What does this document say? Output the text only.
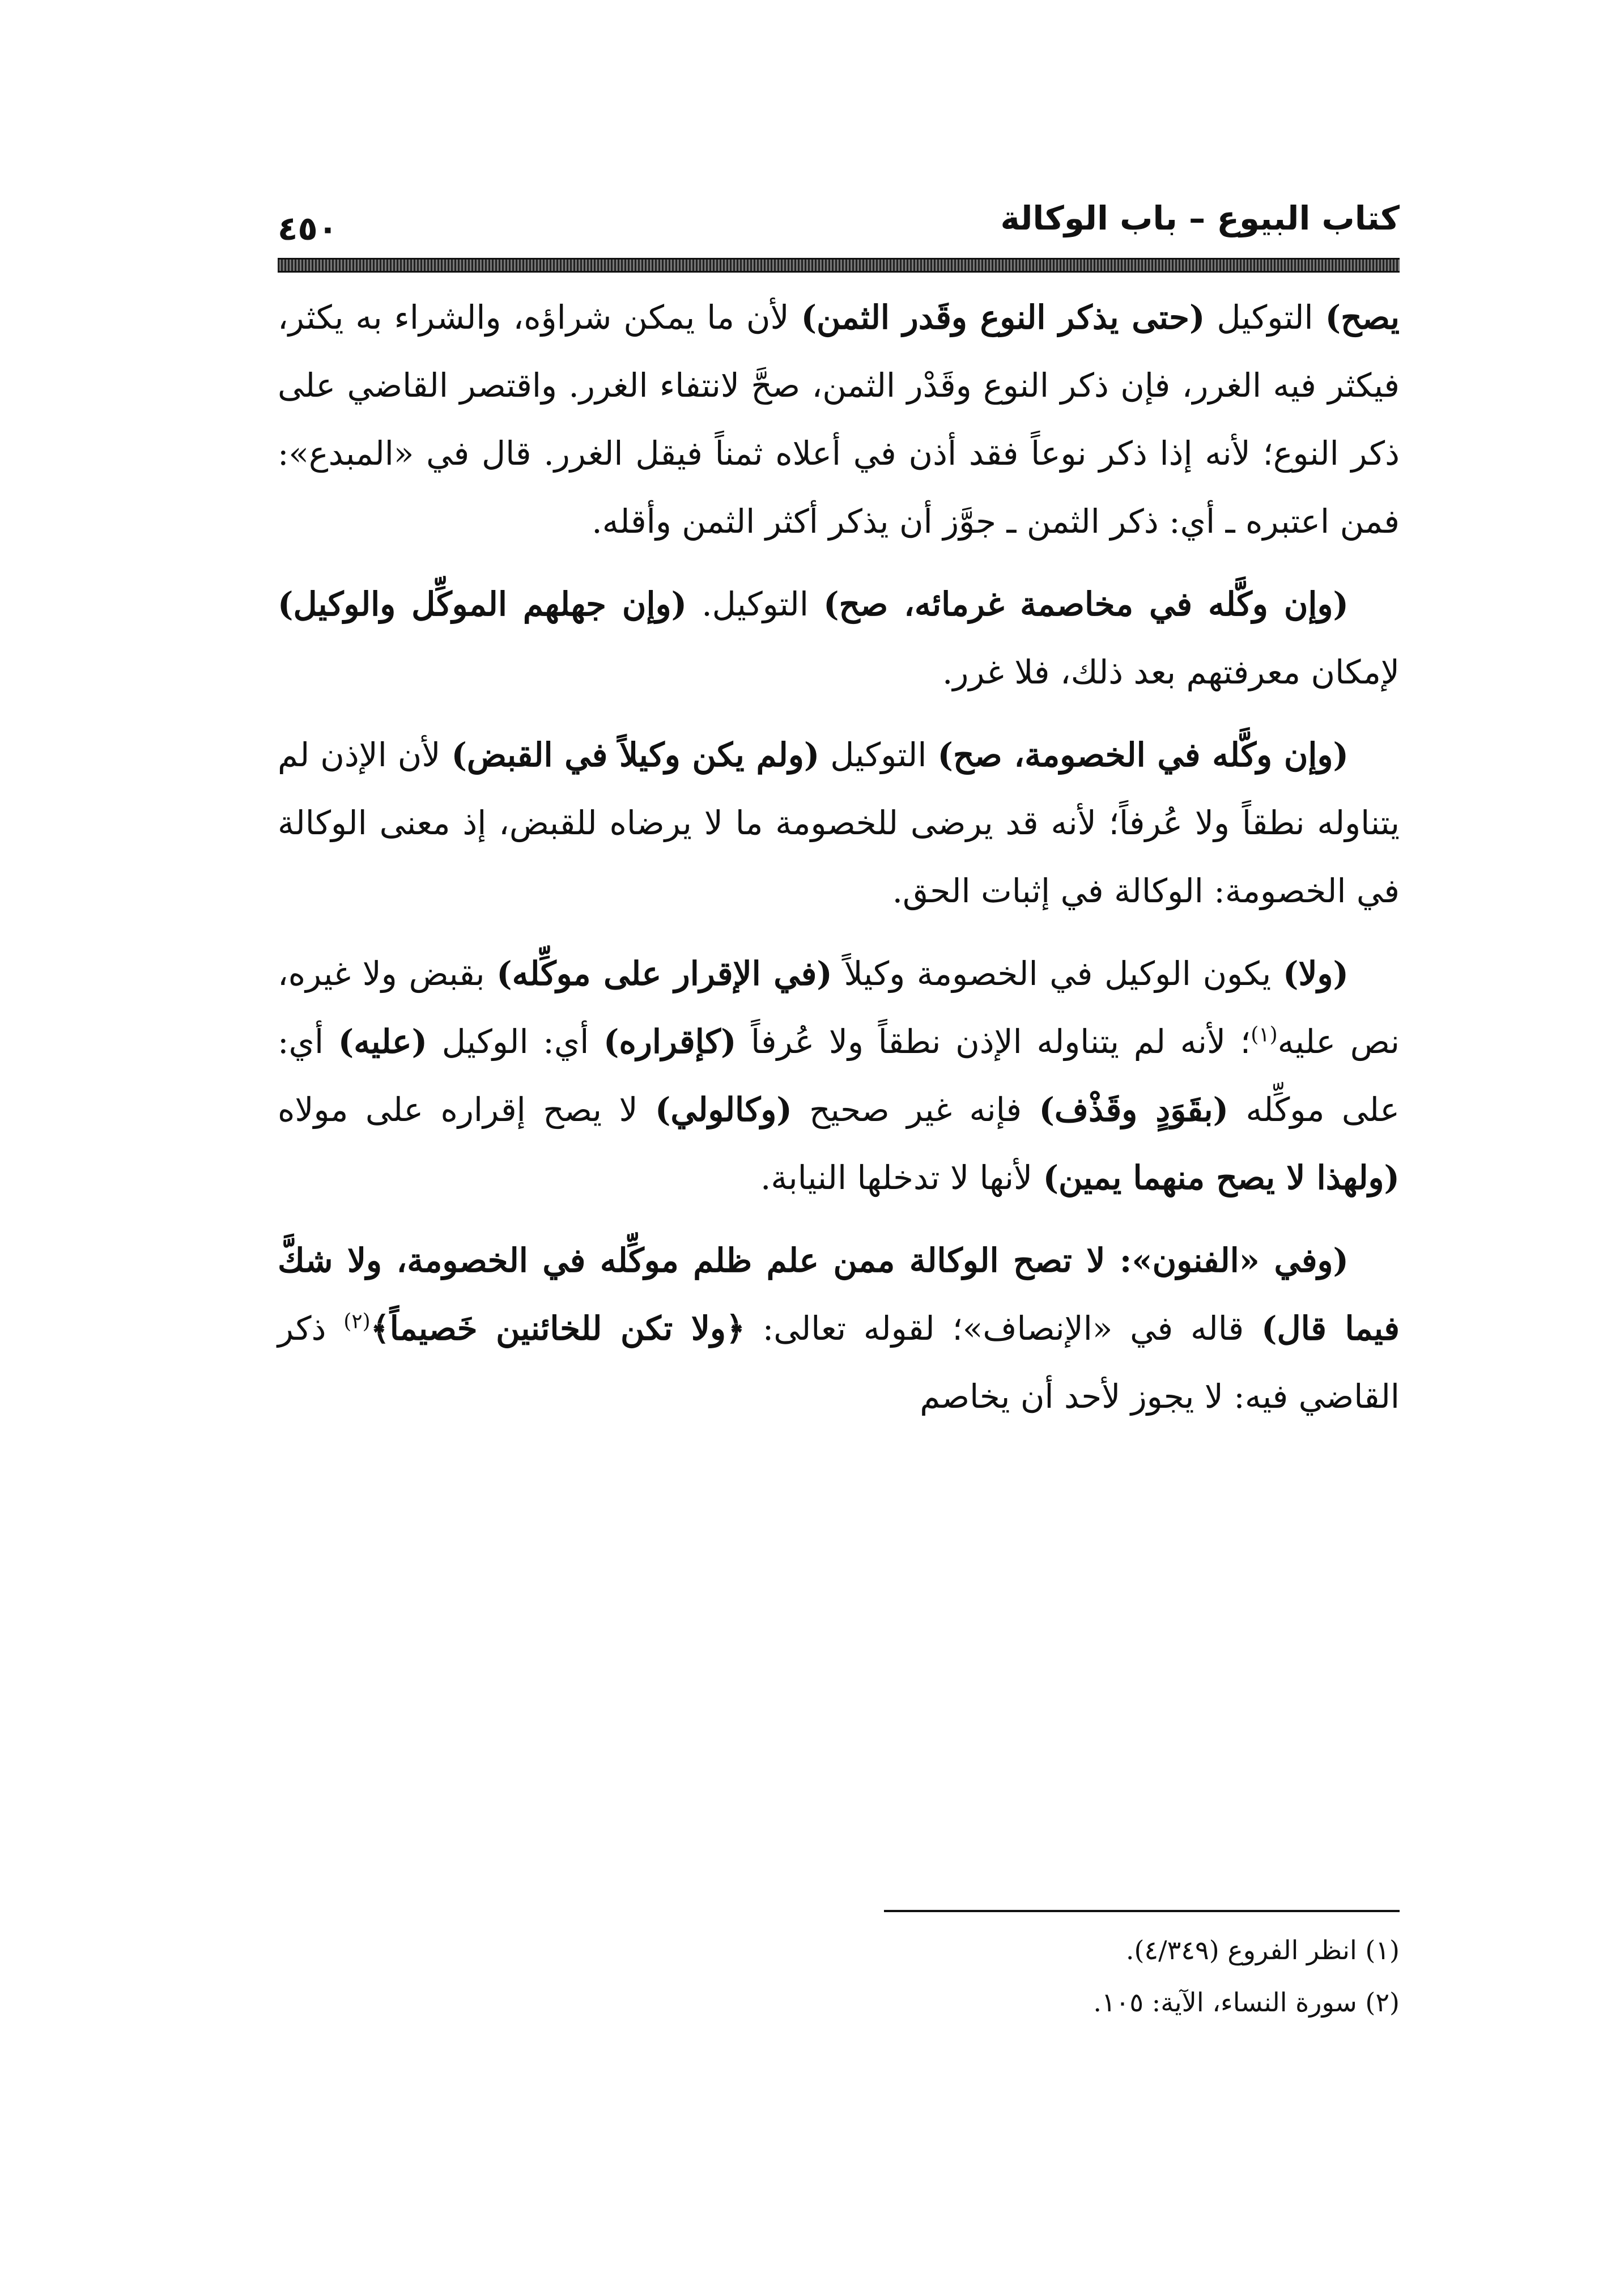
كتاب البيوع – باب الوكالة
٤٥٠

يصح) التوكيل (حتى يذكر النوع وقَدر الثمن) لأن ما يمكن شراؤه، والشراء به يكثر، فيكثر فيه الغرر، فإن ذكر النوع وقَدْر الثمن، صحَّ لانتفاء الغرر. واقتصر القاضي على ذكر النوع؛ لأنه إذا ذكر نوعاً فقد أذن في أعلاه ثمناً فيقل الغرر. قال في «المبدع»: فمن اعتبره ـ أي: ذكر الثمن ـ جوَّز أن يذكر أكثر الثمن وأقله.

(وإن وكَّله في مخاصمة غرمائه، صح) التوكيل. (وإن جهلهم الموكِّل والوكيل) لإمكان معرفتهم بعد ذلك، فلا غرر.

(وإن وكَّله في الخصومة، صح) التوكيل (ولم يكن وكيلاً في القبض) لأن الإذن لم يتناوله نطقاً ولا عُرفاً؛ لأنه قد يرضى للخصومة ما لا يرضاه للقبض، إذ معنى الوكالة في الخصومة: الوكالة في إثبات الحق.

(ولا) يكون الوكيل في الخصومة وكيلاً (في الإقرار على موكِّله) بقبض ولا غيره، نص عليه$^{(١)}$؛ لأنه لم يتناوله الإذن نطقاً ولا عُرفاً (كإقراره) أي: الوكيل (عليه) أي: على موكِّله (بقَوَدٍ وقَذْف) فإنه غير صحيح (وكالولي) لا يصح إقراره على مولاه (ولهذا لا يصح منهما يمين) لأنها لا تدخلها النيابة.

(وفي «الفنون»: لا تصح الوكالة ممن علم ظلم موكِّله في الخصومة، ولا شكَّ فيما قال) قاله في «الإنصاف»؛ لقوله تعالى: ﴿ولا تكن للخائنين خَصيماً﴾$^{(٢)}$ ذكر القاضي فيه: لا يجوز لأحد أن يخاصم

(١) انظر الفروع (٤/٣٤٩).

(٢) سورة النساء، الآية: ١٠٥.
